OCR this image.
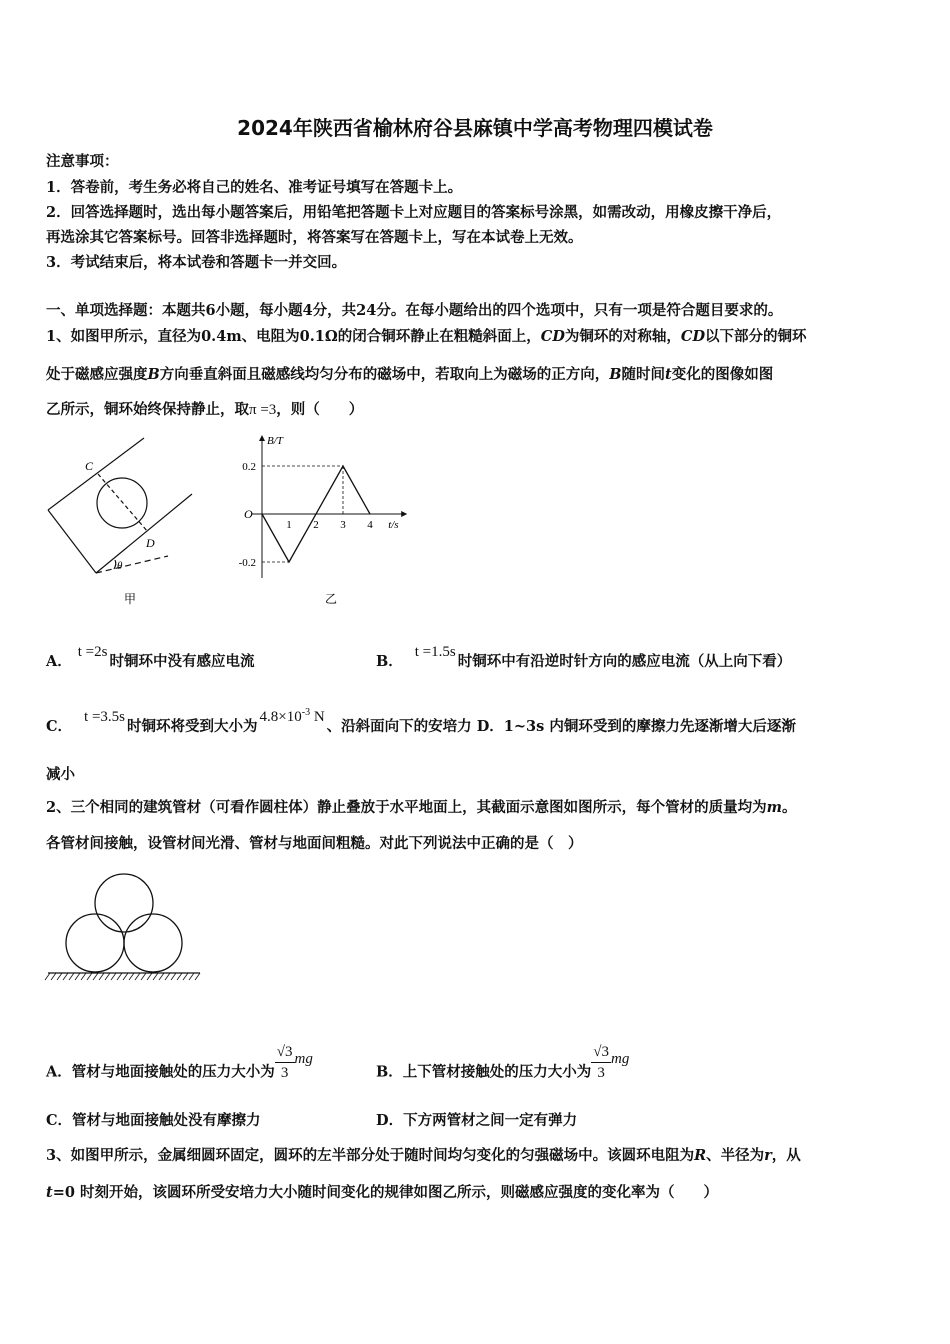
2024年陕西省榆林府谷县麻镇中学高考物理四模试卷
注意事项：
1．答卷前，考生务必将自己的姓名、准考证号填写在答题卡上。
2．回答选择题时，选出每小题答案后，用铅笔把答题卡上对应题目的答案标号涂黑，如需改动，用橡皮擦干净后，
再选涂其它答案标号。回答非选择题时，将答案写在答题卡上，写在本试卷上无效。
3．考试结束后，将本试卷和答题卡一并交回。
一、单项选择题：本题共6小题，每小题4分，共24分。在每小题给出的四个选项中，只有一项是符合题目要求的。
1、如图甲所示，直径为0.4m、电阻为0.1Ω的闭合铜环静止在粗糙斜面上，CD为铜环的对称轴，CD以下部分的铜环
处于磁感应强度B方向垂直斜面且磁感线均匀分布的磁场中，若取向上为磁场的正方向，B随时间t变化的图像如图
乙所示，铜环始终保持静止，取π =3，则（　　）
C
D
θ
甲
1 2 3 4
0.2
-0.2
B/T
t/s
O
乙
A．t =2s时铜环中没有感应电流	B．t =1.5s时铜环中有沿逆时针方向的感应电流（从上向下看）
C．t =3.5s时铜环将受到大小为$4.8\times 10^{-3}$ N、沿斜面向下的安培力 D．1~3s 内铜环受到的摩擦力先逐渐增大后逐渐
减小
2、三个相同的建筑管材（可看作圆柱体）静止叠放于水平地面上，其截面示意图如图所示，每个管材的质量均为m。
各管材间接触，设管材间光滑、管材与地面间粗糙。对此下列说法中正确的是（　）
A．管材与地面接触处的压力大小为 $\frac{√3}{3}$ mg
B．上下管材接触处的压力大小为 $\frac{√3}{3}$ mg
C．管材与地面接触处没有摩擦力	D．下方两管材之间一定有弹力
3、如图甲所示，金属细圆环固定，圆环的左半部分处于随时间均匀变化的匀强磁场中。该圆环电阻为R、半径为r，从
t=0 时刻开始，该圆环所受安培力大小随时间变化的规律如图乙所示，则磁感应强度的变化率为（　　）
